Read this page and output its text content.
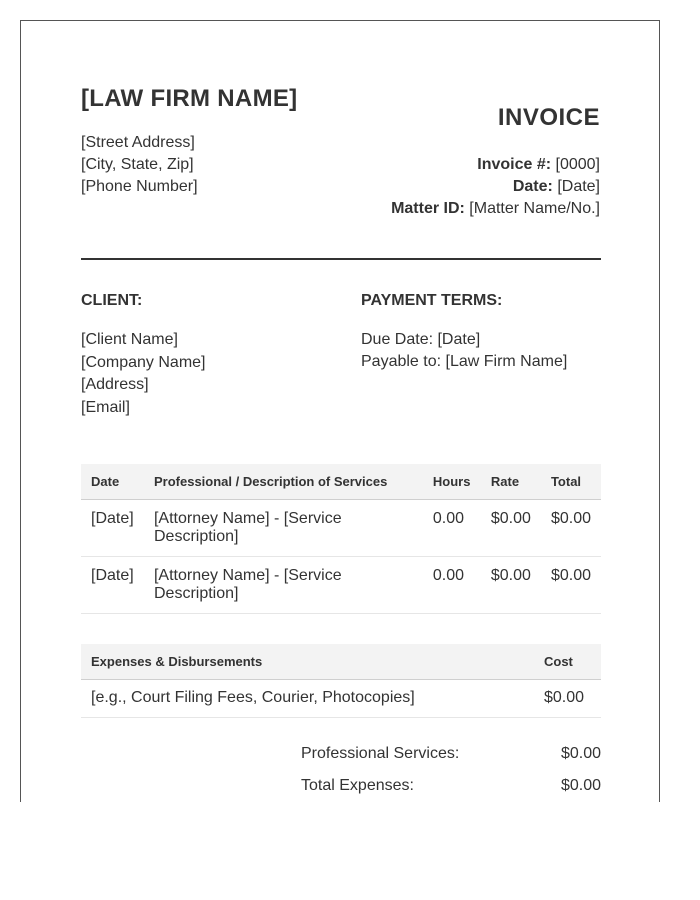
[LAW FIRM NAME]
[Street Address]
[City, State, Zip]
[Phone Number]
INVOICE
Invoice #: [0000]
Date: [Date]
Matter ID: [Matter Name/No.]
CLIENT:
[Client Name]
[Company Name]
[Address]
[Email]
PAYMENT TERMS:
Due Date: [Date]
Payable to: [Law Firm Name]
Date	Professional / Description of Services	Hours	Rate	Total
[Date]	[Attorney Name] - [Service Description]	0.00	$0.00	$0.00
[Date]	[Attorney Name] - [Service Description]	0.00	$0.00	$0.00
Expenses & Disbursements	Cost
[e.g., Court Filing Fees, Courier, Photocopies]	$0.00
Professional Services:	$0.00
Total Expenses:	$0.00
